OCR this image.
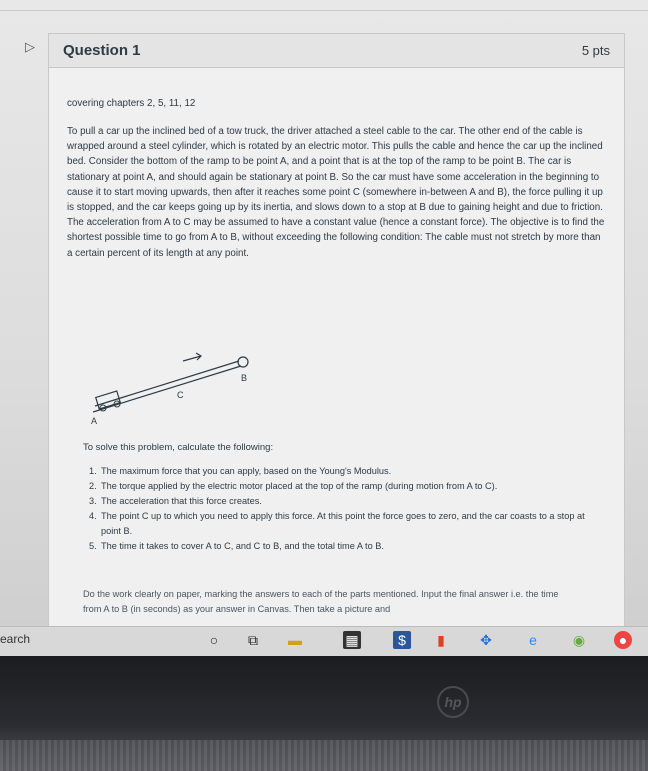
▷ Question 1	5 pts
covering chapters 2, 5, 11, 12
To pull a car up the inclined bed of a tow truck, the driver attached a steel cable to the car. The other end of the cable is wrapped around a steel cylinder, which is rotated by an electric motor. This pulls the cable and hence the car up the inclined bed. Consider the bottom of the ramp to be point A, and a point that is at the top of the ramp to be point B. The car is stationary at point A, and should again be stationary at point B. So the car must have some acceleration in the beginning to cause it to start moving upwards, then after it reaches some point C (somewhere in-between A and B), the force pulling it up is stopped, and the car keeps going up by its inertia, and slows down to a stop at B due to gaining height and due to friction. The acceleration from A to C may be assumed to have a constant value (hence a constant force). The objective is to find the shortest possible time to go from A to B, without exceeding the following condition: The cable must not stretch by more than a certain percent of its length at any point.
A
B
C
To solve this problem, calculate the following:
1. The maximum force that you can apply, based on the Young's Modulus.
2. The torque applied by the electric motor placed at the top of the ramp (during motion from A to C).
3. The acceleration that this force creates.
4. The point C up to which you need to apply this force. At this point the force goes to zero, and the car coasts to a stop at point B.
5. The time it takes to cover A to C, and C to B, and the total time A to B.
Do the work clearly on paper, marking the answers to each of the parts mentioned. Input the final answer i.e. the time from A to B (in seconds) as your answer in Canvas. Then take a picture and
earch	○	⧉ ▬	▦	$	▮	✥	e	◉	●
hp
